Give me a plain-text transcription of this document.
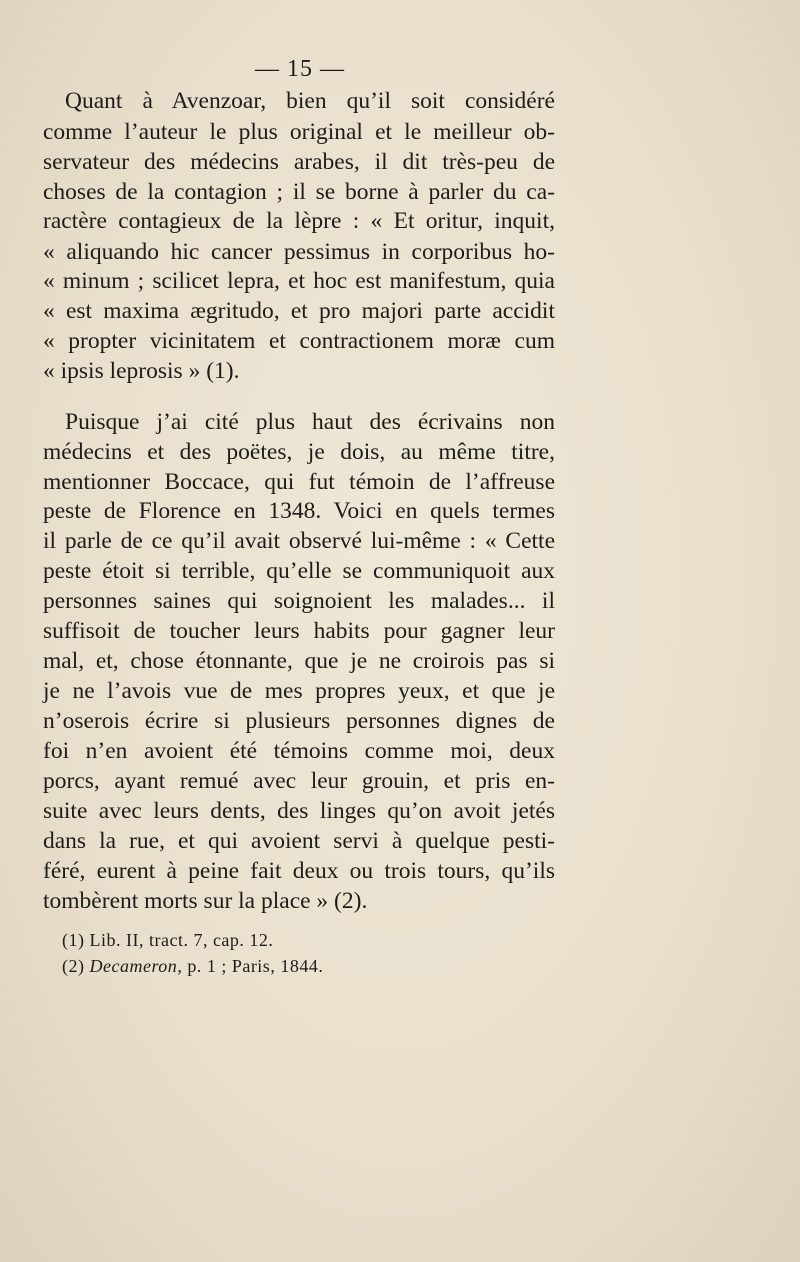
— 15 —
Quant à Avenzoar, bien qu’il soit considéré
comme l’auteur le plus original et le meilleur ob-
servateur des médecins arabes, il dit très-peu de
choses de la contagion ; il se borne à parler du ca-
ractère contagieux de la lèpre : « Et oritur, inquit,
« aliquando hic cancer pessimus in corporibus ho-
« minum ; scilicet lepra, et hoc est manifestum, quia
« est maxima ægritudo, et pro majori parte accidit
« propter vicinitatem et contractionem moræ cum
« ipsis leprosis » (1).
Puisque j’ai cité plus haut des écrivains non
médecins et des poëtes, je dois, au même titre,
mentionner Boccace, qui fut témoin de l’affreuse
peste de Florence en 1348. Voici en quels termes
il parle de ce qu’il avait observé lui-même : « Cette
peste étoit si terrible, qu’elle se communiquoit aux
personnes saines qui soignoient les malades... il
suffisoit de toucher leurs habits pour gagner leur
mal, et, chose étonnante, que je ne croirois pas si
je ne l’avois vue de mes propres yeux, et que je
n’oserois écrire si plusieurs personnes dignes de
foi n’en avoient été témoins comme moi, deux
porcs, ayant remué avec leur grouin, et pris en-
suite avec leurs dents, des linges qu’on avoit jetés
dans la rue, et qui avoient servi à quelque pesti-
féré, eurent à peine fait deux ou trois tours, qu’ils
tombèrent morts sur la place » (2).
(1) Lib. II, tract. 7, cap. 12.
(2) Decameron, p. 1 ; Paris, 1844.
